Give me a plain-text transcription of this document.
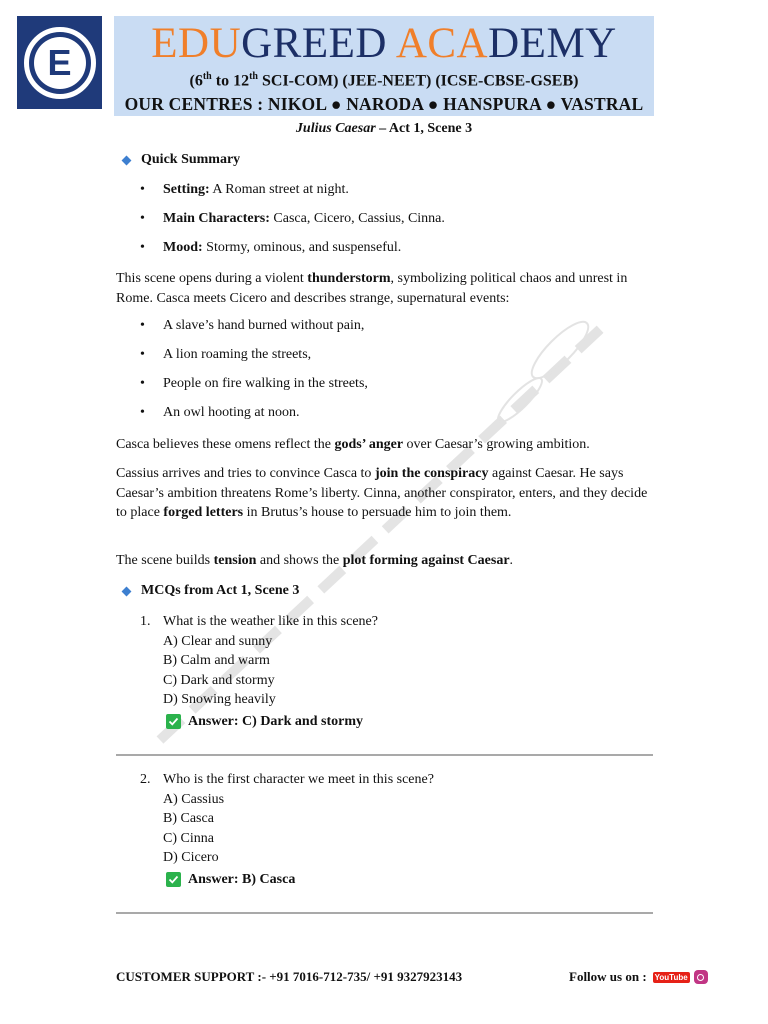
E	EDUGREED ACADEMY
(6th to 12th SCI-COM) (JEE-NEET) (ICSE-CBSE-GSEB)
OUR CENTRES : NIKOL ● NARODA ● HANSPURA ● VASTRAL
Julius Caesar – Act 1, Scene 3
Quick Summary
•	Setting: A Roman street at night.
•	Main Characters: Casca, Cicero, Cassius, Cinna.
•	Mood: Stormy, ominous, and suspenseful.
This scene opens during a violent thunderstorm, symbolizing political chaos and unrest in Rome. Casca meets Cicero and describes strange, supernatural events:
•	A slave’s hand burned without pain,
•	A lion roaming the streets,
•	People on fire walking in the streets,
•	An owl hooting at noon.
Casca believes these omens reflect the gods’ anger over Caesar’s growing ambition.
Cassius arrives and tries to convince Casca to join the conspiracy against Caesar. He says Caesar’s ambition threatens Rome’s liberty. Cinna, another conspirator, enters, and they decide to place forged letters in Brutus’s house to persuade him to join them.
The scene builds tension and shows the plot forming against Caesar.
MCQs from Act 1, Scene 3
1. What is the weather like in this scene?
A) Clear and sunny
B) Calm and warm
C) Dark and stormy
D) Snowing heavily
Answer: C) Dark and stormy
2. Who is the first character we meet in this scene?
A) Cassius
B) Casca
C) Cinna
D) Cicero
Answer: B) Casca
CUSTOMER SUPPORT :- +91 7016-712-735/ +91 9327923143	Follow us on : YouTube
